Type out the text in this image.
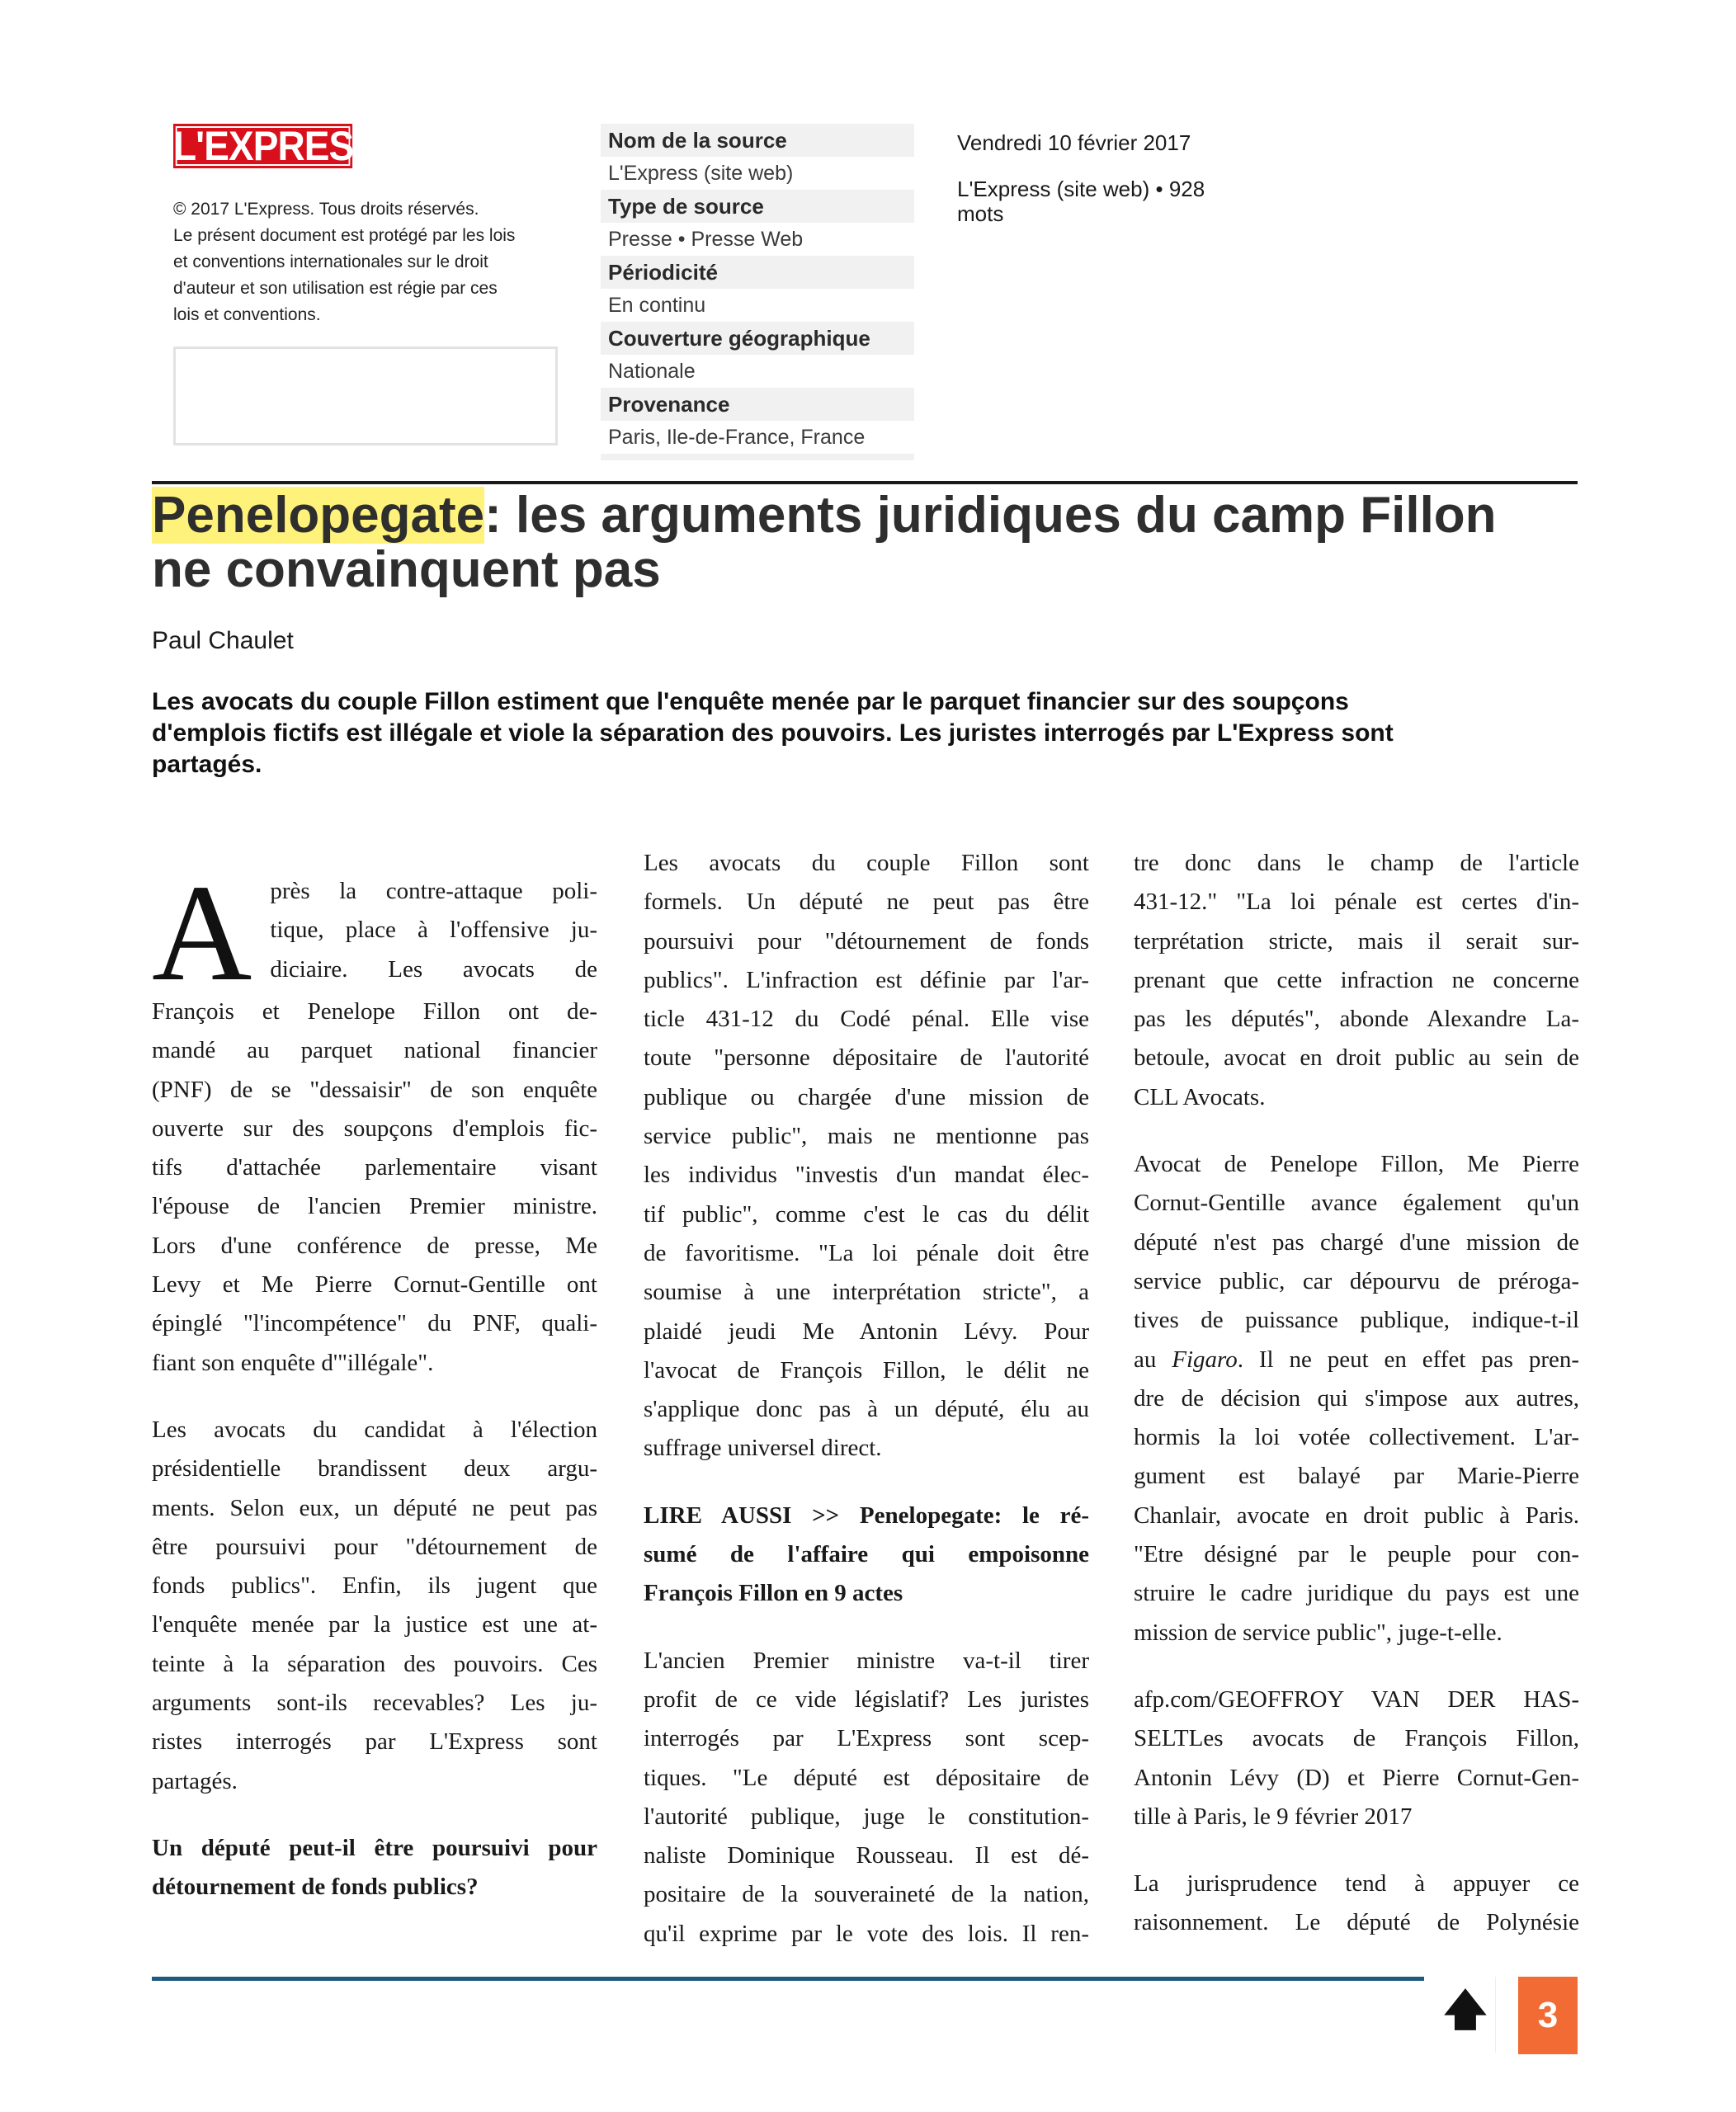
L'EXPRESS
© 2017 L'Express. Tous droits réservés.
Le présent document est protégé par les lois
et conventions internationales sur le droit
d'auteur et son utilisation est régie par ces
lois et conventions.
Nom de la source
L'Express (site web)
Type de source
Presse • Presse Web
Périodicité
En continu
Couverture géographique
Nationale
Provenance
Paris, Ile-de-France, France
Vendredi 10 février 2017
L'Express (site web) • 928
mots
Penelopegate: les arguments juridiques du camp Fillon
ne convainquent pas
Paul Chaulet
Les avocats du couple Fillon estiment que l'enquête menée par le parquet financier sur des soupçons
d'emplois fictifs est illégale et viole la séparation des pouvoirs. Les juristes interrogés par L'Express sont
partagés.
A près la contre-attaque poli-
tique, place à l'offensive ju-
diciaire. Les avocats de
François et Penelope Fillon ont de-
mandé au parquet national financier
(PNF) de se "dessaisir" de son enquête
ouverte sur des soupçons d'emplois fic-
tifs d'attachée parlementaire visant
l'épouse de l'ancien Premier ministre.
Lors d'une conférence de presse, Me
Levy et Me Pierre Cornut-Gentille ont
épinglé "l'incompétence" du PNF, quali-
fiant son enquête d'"illégale".
Les avocats du candidat à l'élection
présidentielle brandissent deux argu-
ments. Selon eux, un député ne peut pas
être poursuivi pour "détournement de
fonds publics". Enfin, ils jugent que
l'enquête menée par la justice est une at-
teinte à la séparation des pouvoirs. Ces
arguments sont-ils recevables? Les ju-
ristes interrogés par L'Express sont
partagés.
Un député peut-il être poursuivi pour
détournement de fonds publics?
Les avocats du couple Fillon sont
formels. Un député ne peut pas être
poursuivi pour "détournement de fonds
publics". L'infraction est définie par l'ar-
ticle 431-12 du Codé pénal. Elle vise
toute "personne dépositaire de l'autorité
publique ou chargée d'une mission de
service public", mais ne mentionne pas
les individus "investis d'un mandat élec-
tif public", comme c'est le cas du délit
de favoritisme. "La loi pénale doit être
soumise à une interprétation stricte", a
plaidé jeudi Me Antonin Lévy. Pour
l'avocat de François Fillon, le délit ne
s'applique donc pas à un député, élu au
suffrage universel direct.
LIRE AUSSI >> Penelopegate: le ré-
sumé de l'affaire qui empoisonne
François Fillon en 9 actes
L'ancien Premier ministre va-t-il tirer
profit de ce vide législatif? Les juristes
interrogés par L'Express sont scep-
tiques. "Le député est dépositaire de
l'autorité publique, juge le constitution-
naliste Dominique Rousseau. Il est dé-
positaire de la souveraineté de la nation,
qu'il exprime par le vote des lois. Il ren-
tre donc dans le champ de l'article
431-12." "La loi pénale est certes d'in-
terprétation stricte, mais il serait sur-
prenant que cette infraction ne concerne
pas les députés", abonde Alexandre La-
betoule, avocat en droit public au sein de
CLL Avocats.
Avocat de Penelope Fillon, Me Pierre
Cornut-Gentille avance également qu'un
député n'est pas chargé d'une mission de
service public, car dépourvu de préroga-
tives de puissance publique, indique-t-il
au Figaro. Il ne peut en effet pas pren-
dre de décision qui s'impose aux autres,
hormis la loi votée collectivement. L'ar-
gument est balayé par Marie-Pierre
Chanlair, avocate en droit public à Paris.
"Etre désigné par le peuple pour con-
struire le cadre juridique du pays est une
mission de service public", juge-t-elle.
afp.com/GEOFFROY VAN DER HAS-
SELTLes avocats de François Fillon,
Antonin Lévy (D) et Pierre Cornut-Gen-
tille à Paris, le 9 février 2017
La jurisprudence tend à appuyer ce
raisonnement. Le député de Polynésie
🡅	3
